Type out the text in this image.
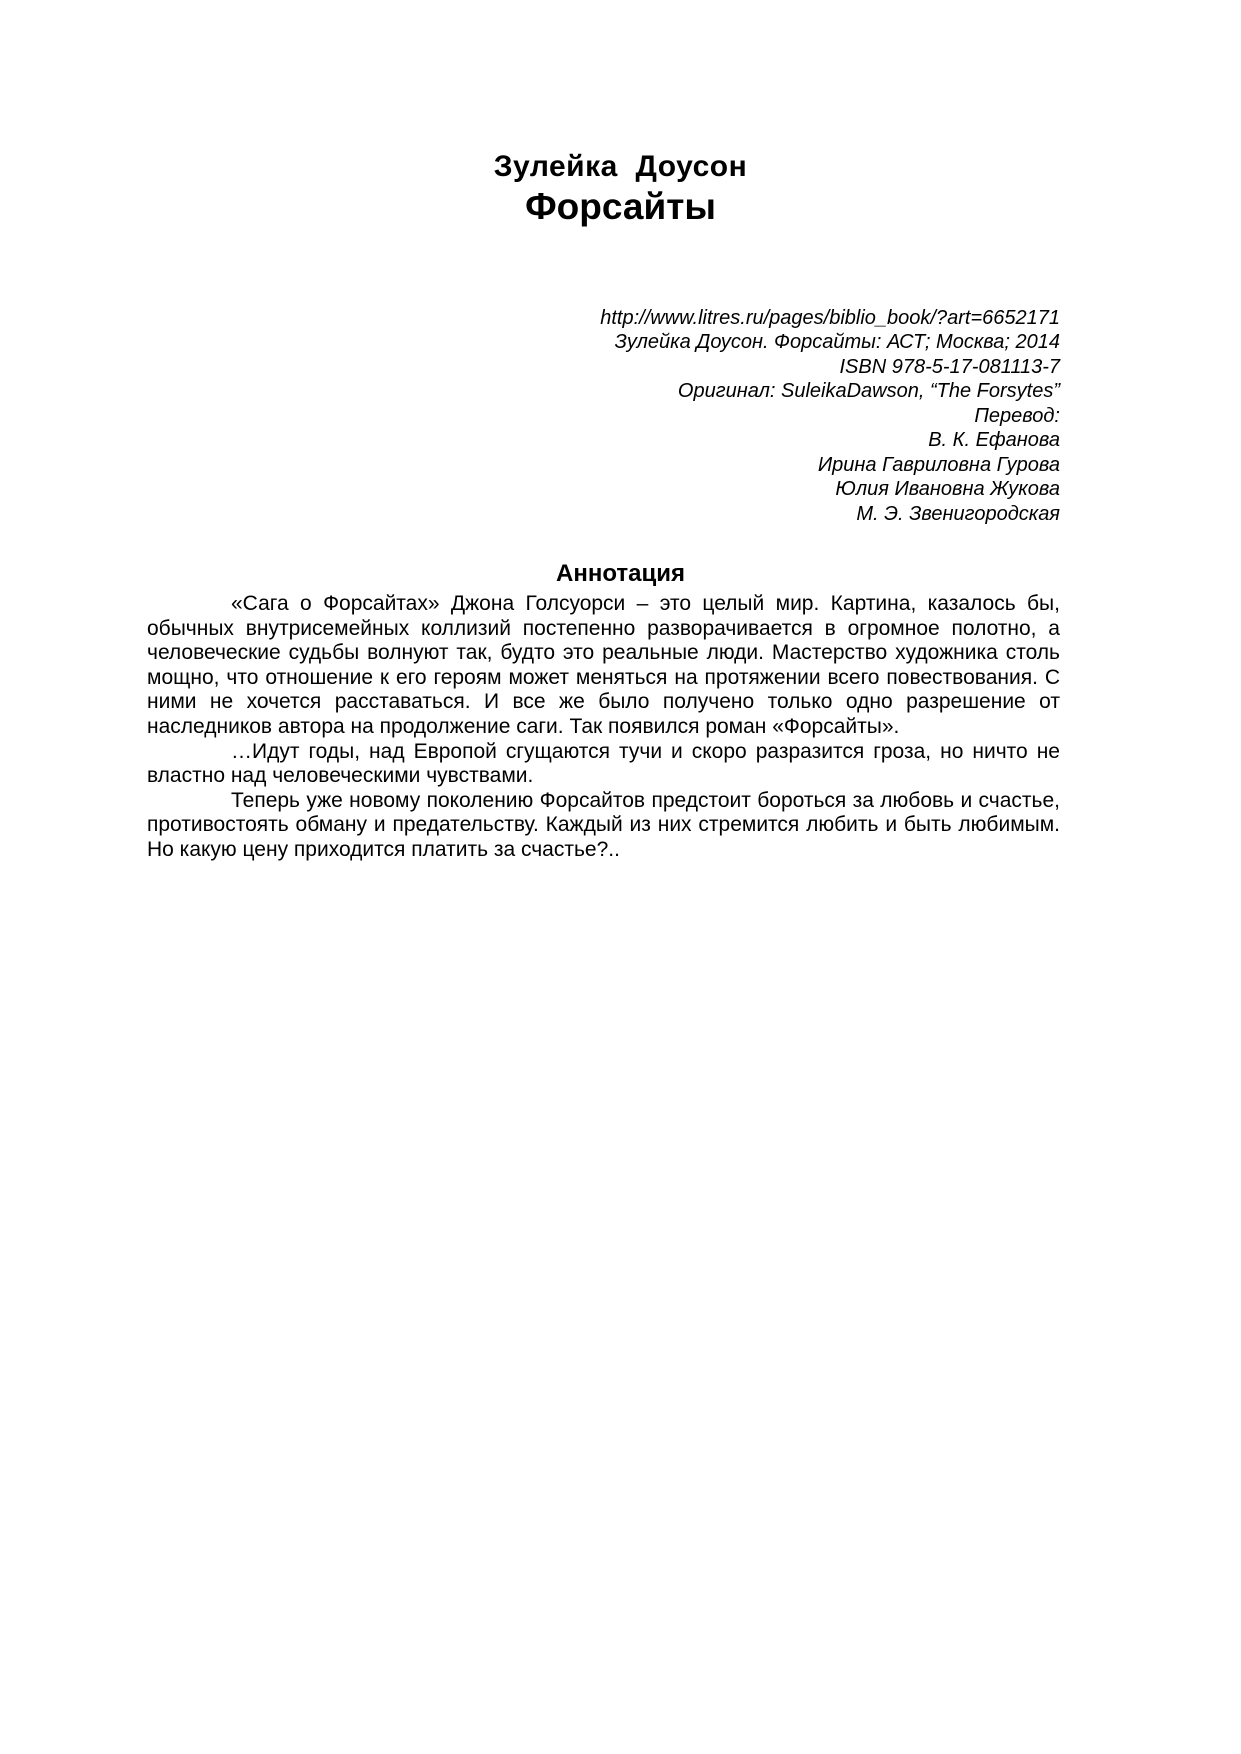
Зулейка  Доусон
Форсайты
http://www.litres.ru/pages/biblio_book/?art=6652171
Зулейка Доусон. Форсайты: АСТ; Москва; 2014
ISBN 978-5-17-081113-7
Оригинал: SuleikaDawson, “The Forsytes”
Перевод:
В. К. Ефанова
Ирина Гавриловна Гурова
Юлия Ивановна Жукова
М. Э. Звенигородская
Аннотация

«Сага о Форсайтах» Джона Голсуорси – это целый мир. Картина, казалось бы, обычных внутрисемейных коллизий постепенно разворачивается в огромное полотно, а человеческие судьбы волнуют так, будто это реальные люди. Мастерство художника столь мощно, что отношение к его героям может меняться на протяжении всего повествования. С ними не хочется расставаться. И все же было получено только одно разрешение от наследников автора на продолжение саги. Так появился роман «Форсайты».

…Идут годы, над Европой сгущаются тучи и скоро разразится гроза, но ничто не властно над человеческими чувствами.

Теперь уже новому поколению Форсайтов предстоит бороться за любовь и счастье, противостоять обману и предательству. Каждый из них стремится любить и быть любимым. Но какую цену приходится платить за счастье?..
